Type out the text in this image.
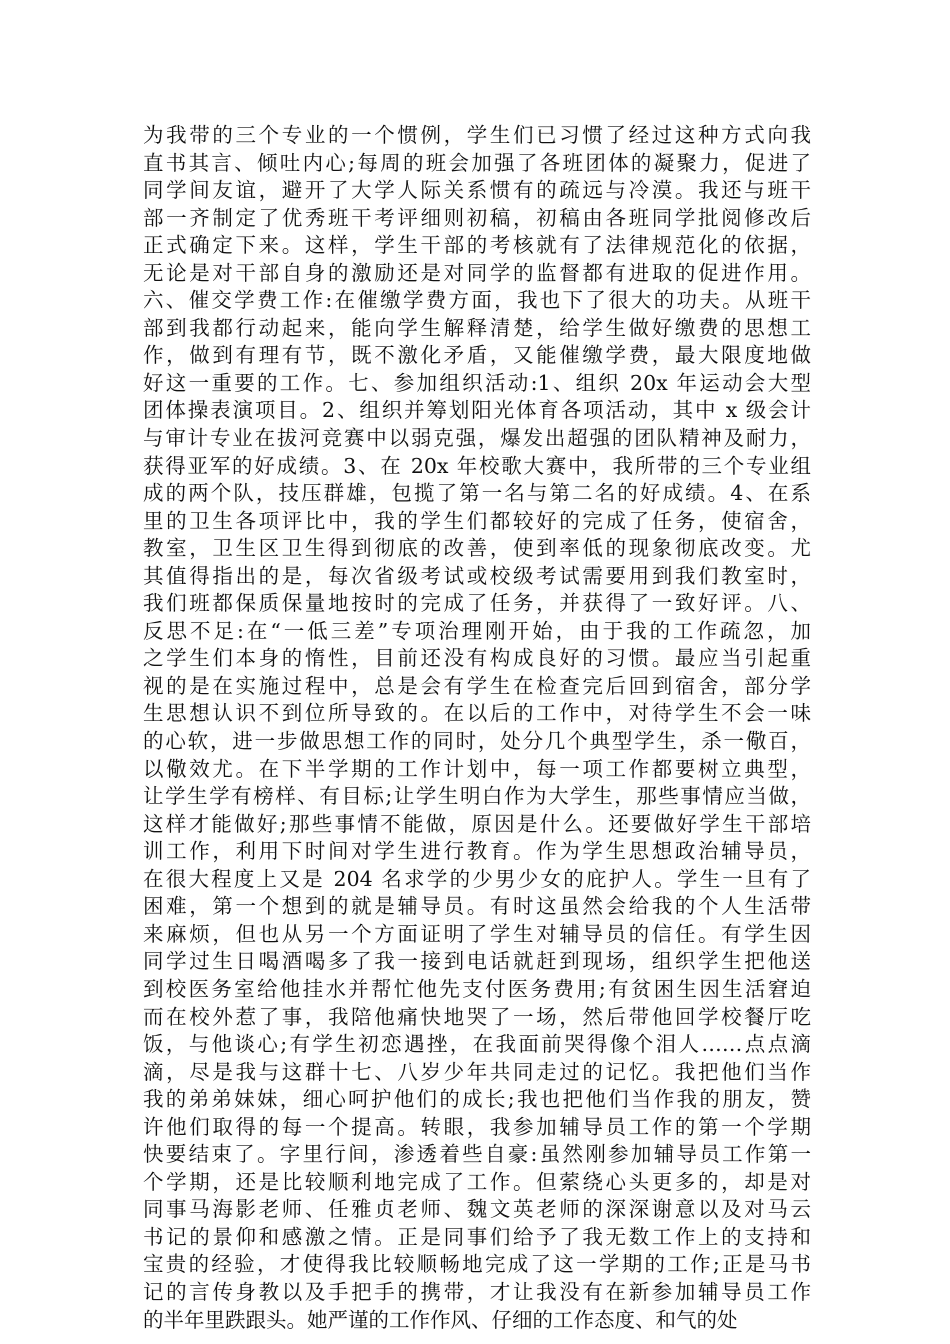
为我带的三个专业的一个惯例，学生们已习惯了经过这种方式向我
直书其言、倾吐内心;每周的班会加强了各班团体的凝聚力，促进了
同学间友谊，避开了大学人际关系惯有的疏远与冷漠。我还与班干
部一齐制定了优秀班干考评细则初稿，初稿由各班同学批阅修改后
正式确定下来。这样，学生干部的考核就有了法律规范化的依据，
无论是对干部自身的激励还是对同学的监督都有进取的促进作用。
六、催交学费工作:在催缴学费方面，我也下了很大的功夫。从班干
部到我都行动起来，能向学生解释清楚，给学生做好缴费的思想工
作，做到有理有节，既不激化矛盾，又能催缴学费，最大限度地做
好这一重要的工作。七、参加组织活动:1、组织 20x 年运动会大型
团体操表演项目。2、组织并筹划阳光体育各项活动，其中 x 级会计
与审计专业在拔河竞赛中以弱克强，爆发出超强的团队精神及耐力，
获得亚军的好成绩。3、在 20x 年校歌大赛中，我所带的三个专业组
成的两个队，技压群雄，包揽了第一名与第二名的好成绩。4、在系
里的卫生各项评比中，我的学生们都较好的完成了任务，使宿舍，
教室，卫生区卫生得到彻底的改善，使到率低的现象彻底改变。尤
其值得指出的是，每次省级考试或校级考试需要用到我们教室时，
我们班都保质保量地按时的完成了任务，并获得了一致好评。八、
反思不足:在“一低三差”专项治理刚开始，由于我的工作疏忽，加
之学生们本身的惰性，目前还没有构成良好的习惯。最应当引起重
视的是在实施过程中，总是会有学生在检查完后回到宿舍，部分学
生思想认识不到位所导致的。在以后的工作中，对待学生不会一味
的心软，进一步做思想工作的同时，处分几个典型学生，杀一儆百，
以儆效尤。在下半学期的工作计划中，每一项工作都要树立典型，
让学生学有榜样、有目标;让学生明白作为大学生，那些事情应当做，
这样才能做好;那些事情不能做，原因是什么。还要做好学生干部培
训工作，利用下时间对学生进行教育。作为学生思想政治辅导员，
在很大程度上又是 204 名求学的少男少女的庇护人。学生一旦有了
困难，第一个想到的就是辅导员。有时这虽然会给我的个人生活带
来麻烦，但也从另一个方面证明了学生对辅导员的信任。有学生因
同学过生日喝酒喝多了我一接到电话就赶到现场，组织学生把他送
到校医务室给他挂水并帮忙他先支付医务费用;有贫困生因生活窘迫
而在校外惹了事，我陪他痛快地哭了一场，然后带他回学校餐厅吃
饭，与他谈心;有学生初恋遇挫，在我面前哭得像个泪人……点点滴
滴，尽是我与这群十七、八岁少年共同走过的记忆。我把他们当作
我的弟弟妹妹，细心呵护他们的成长;我也把他们当作我的朋友，赞
许他们取得的每一个提高。转眼，我参加辅导员工作的第一个学期
快要结束了。字里行间，渗透着些自豪:虽然刚参加辅导员工作第一
个学期，还是比较顺利地完成了工作。但萦绕心头更多的，却是对
同事马海影老师、任雅贞老师、魏文英老师的深深谢意以及对马云
书记的景仰和感激之情。正是同事们给予了我无数工作上的支持和
宝贵的经验，才使得我比较顺畅地完成了这一学期的工作;正是马书
记的言传身教以及手把手的携带，才让我没有在新参加辅导员工作
的半年里跌跟头。她严谨的工作作风、仔细的工作态度、和气的处
